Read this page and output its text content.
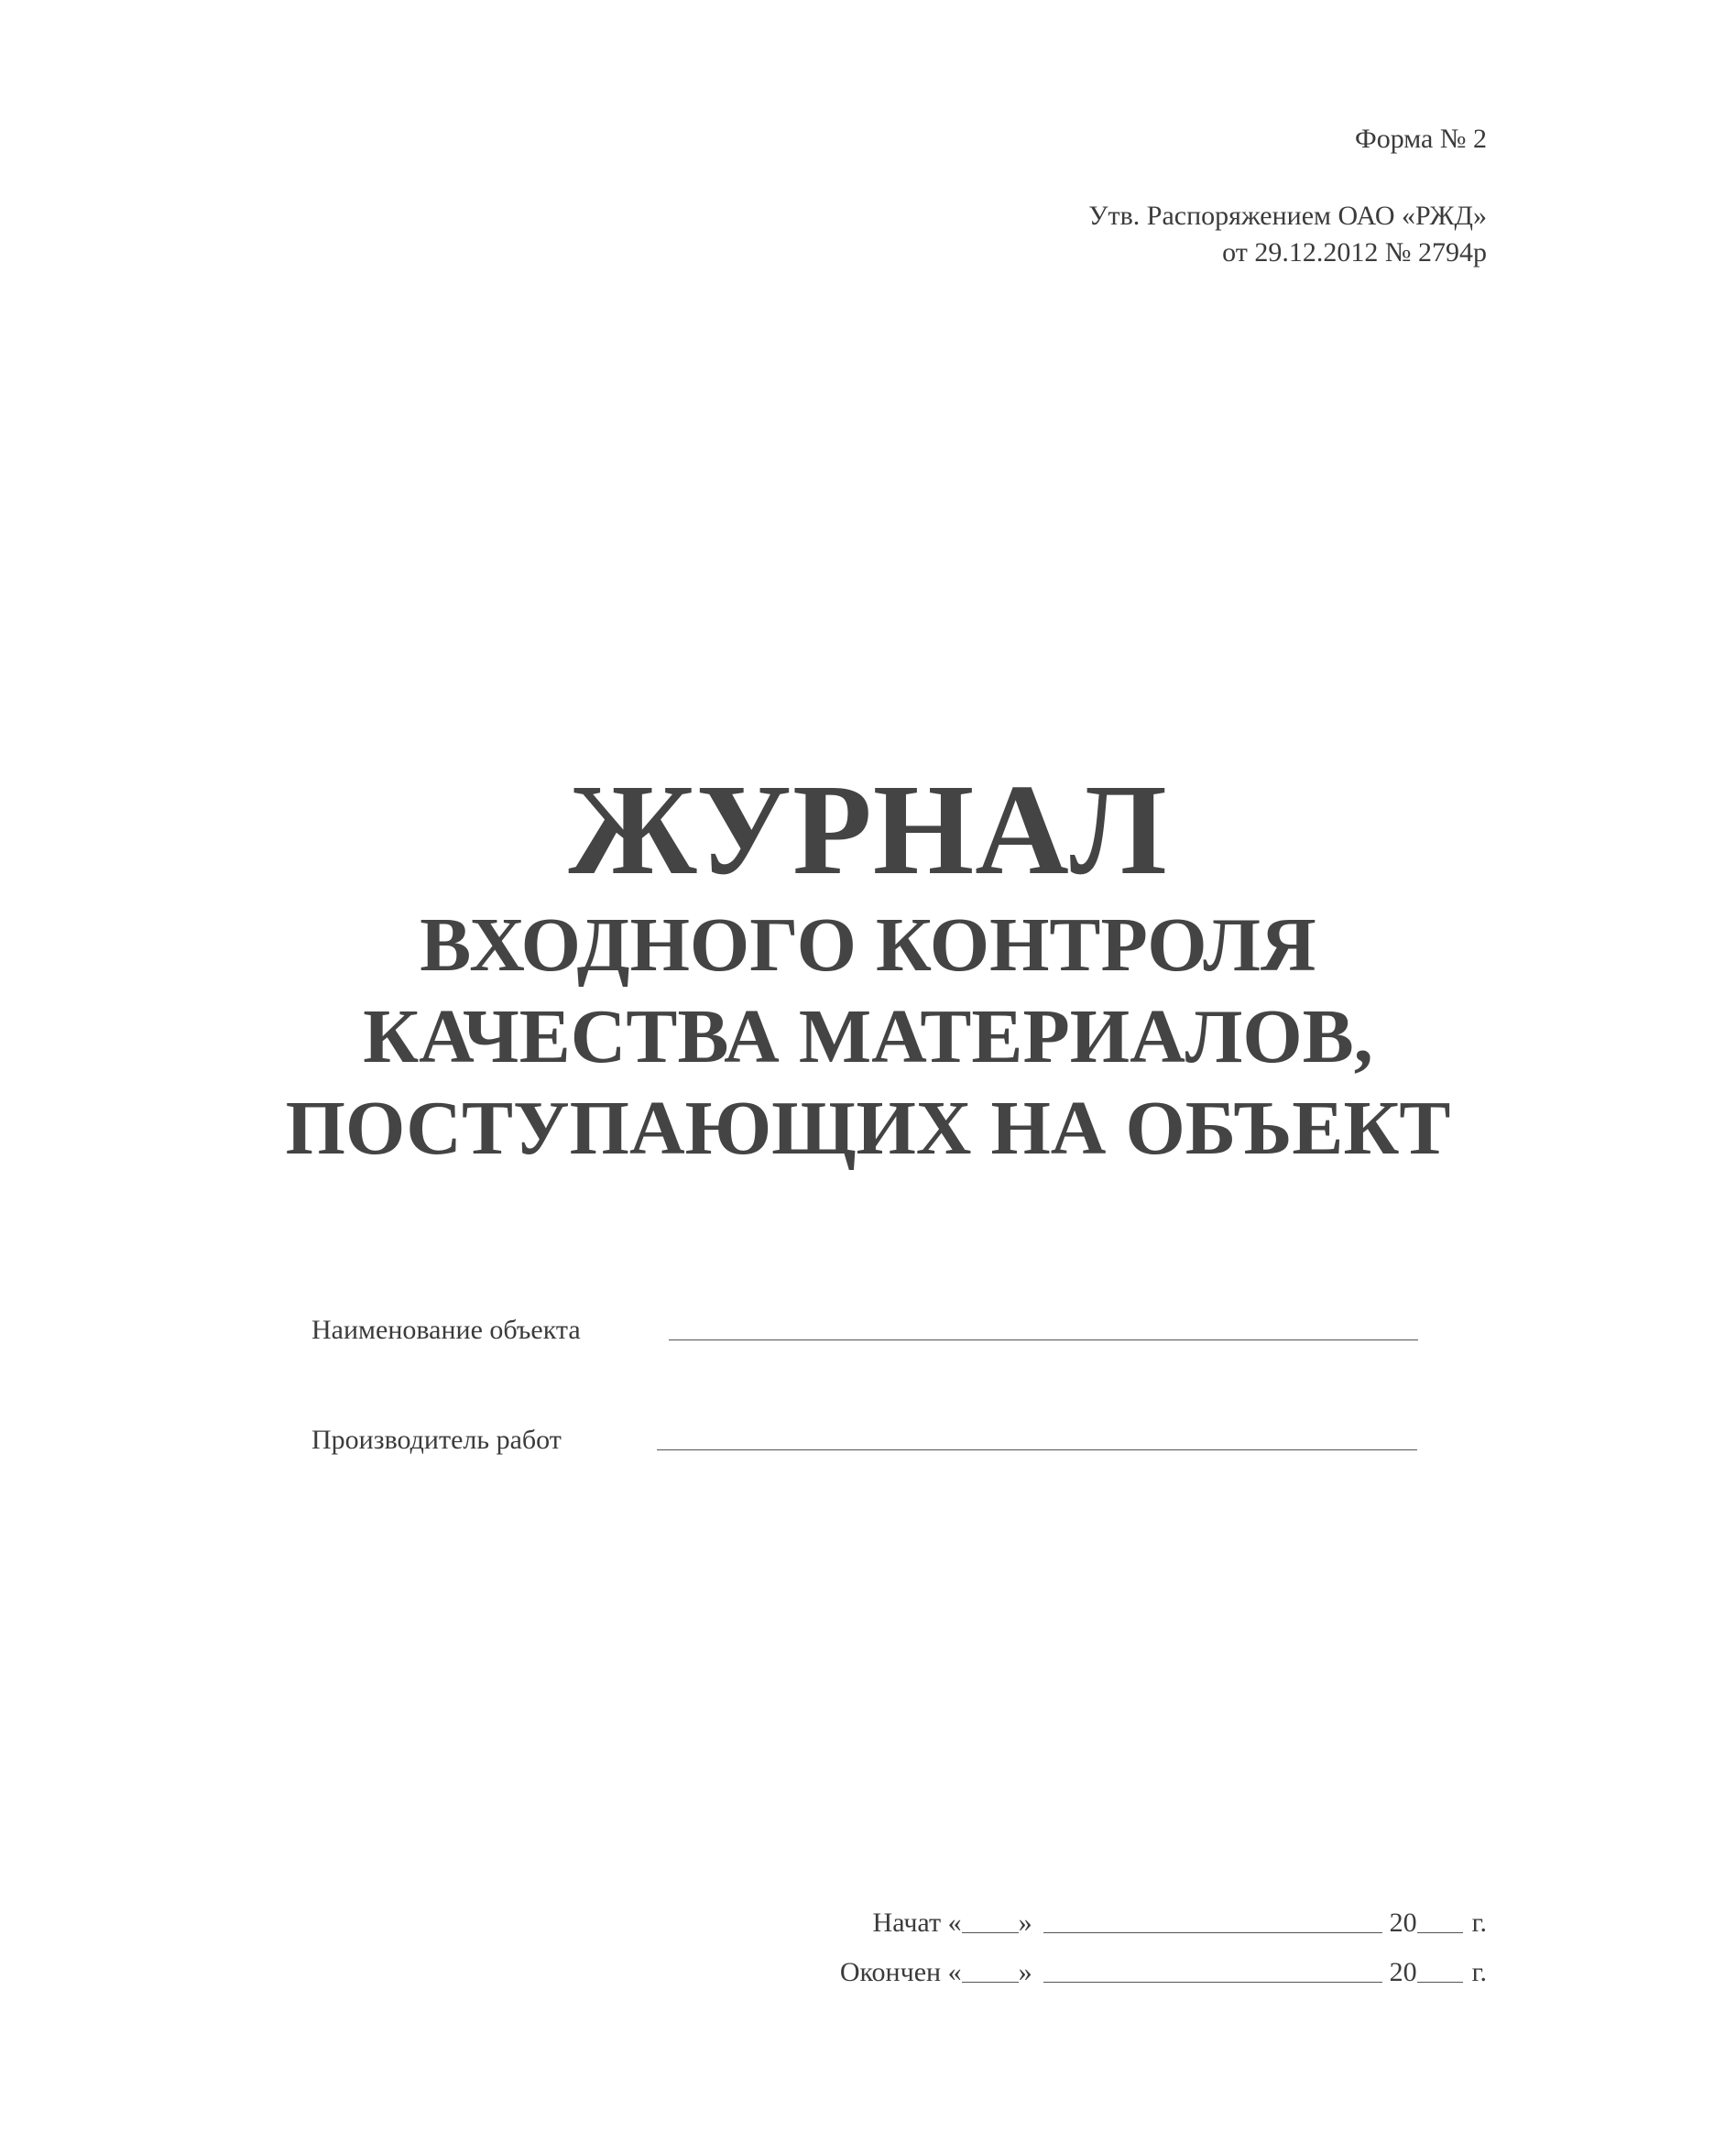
Форма № 2
Утв. Распоряжением ОАО «РЖД»
от 29.12.2012 № 2794р
ЖУРНАЛ
ВХОДНОГО КОНТРОЛЯ
КАЧЕСТВА МАТЕРИАЛОВ,
ПОСТУПАЮЩИХ НА ОБЪЕКТ
Наименование объекта
Производитель работ
Начат « »	20 г.
Окончен « »	20 г.
